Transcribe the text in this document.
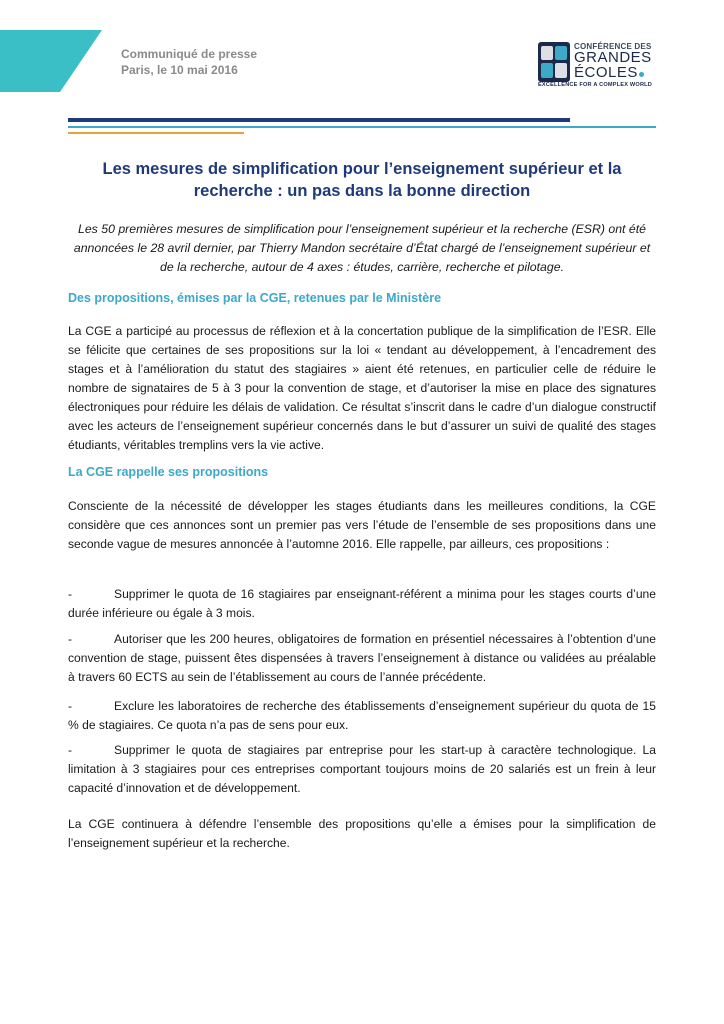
Communiqué de presse
Paris, le 10 mai 2016
CONFÉRENCE DES
GRANDES
ÉCOLES
EXCELLENCE FOR A COMPLEX WORLD
Les mesures de simplification pour l’enseignement supérieur et la recherche : un pas dans la bonne direction
Les 50 premières mesures de simplification pour l’enseignement supérieur et la recherche (ESR) ont été annoncées le 28 avril dernier, par Thierry Mandon secrétaire d’État chargé de l’enseignement supérieur et de la recherche, autour de 4 axes : études, carrière, recherche et pilotage.
Des propositions, émises par la CGE, retenues par le Ministère
La CGE a participé au processus de réflexion et à la concertation publique de la simplification de l’ESR. Elle se félicite que certaines de ses propositions sur la loi « tendant au développement, à l’encadrement des stages et à l’amélioration du statut des stagiaires » aient été retenues, en particulier celle de réduire le nombre de signataires de 5 à 3 pour la convention de stage, et d’autoriser la mise en place des signatures électroniques pour réduire les délais de validation. Ce résultat s’inscrit dans le cadre d’un dialogue constructif avec les acteurs de l’enseignement supérieur concernés dans le but d’assurer un suivi de qualité des stages étudiants, véritables tremplins vers la vie active.
La CGE rappelle ses propositions
Consciente de la nécessité de développer les stages étudiants dans les meilleures conditions, la CGE considère que ces annonces sont un premier pas vers l’étude de l’ensemble de ses propositions dans une seconde vague de mesures annoncée à l’automne 2016. Elle rappelle, par ailleurs, ces propositions :
-	Supprimer le quota de 16 stagiaires par enseignant-référent a minima pour les stages courts d’une durée inférieure ou égale à 3 mois.
-	Autoriser que les 200 heures, obligatoires de formation en présentiel nécessaires à l’obtention d’une convention de stage, puissent êtes dispensées à travers l’enseignement à distance ou validées au préalable à travers 60 ECTS au sein de l’établissement au cours de l’année précédente.
-	Exclure les laboratoires de recherche des établissements d’enseignement supérieur du quota de 15 % de stagiaires. Ce quota n’a pas de sens pour eux.
-	Supprimer le quota de stagiaires par entreprise pour les start-up à caractère technologique. La limitation à 3 stagiaires pour ces entreprises comportant toujours moins de 20 salariés est un frein à leur capacité d’innovation et de développement.
La CGE continuera à défendre l’ensemble des propositions qu’elle a émises pour la simplification de l’enseignement supérieur et la recherche.
